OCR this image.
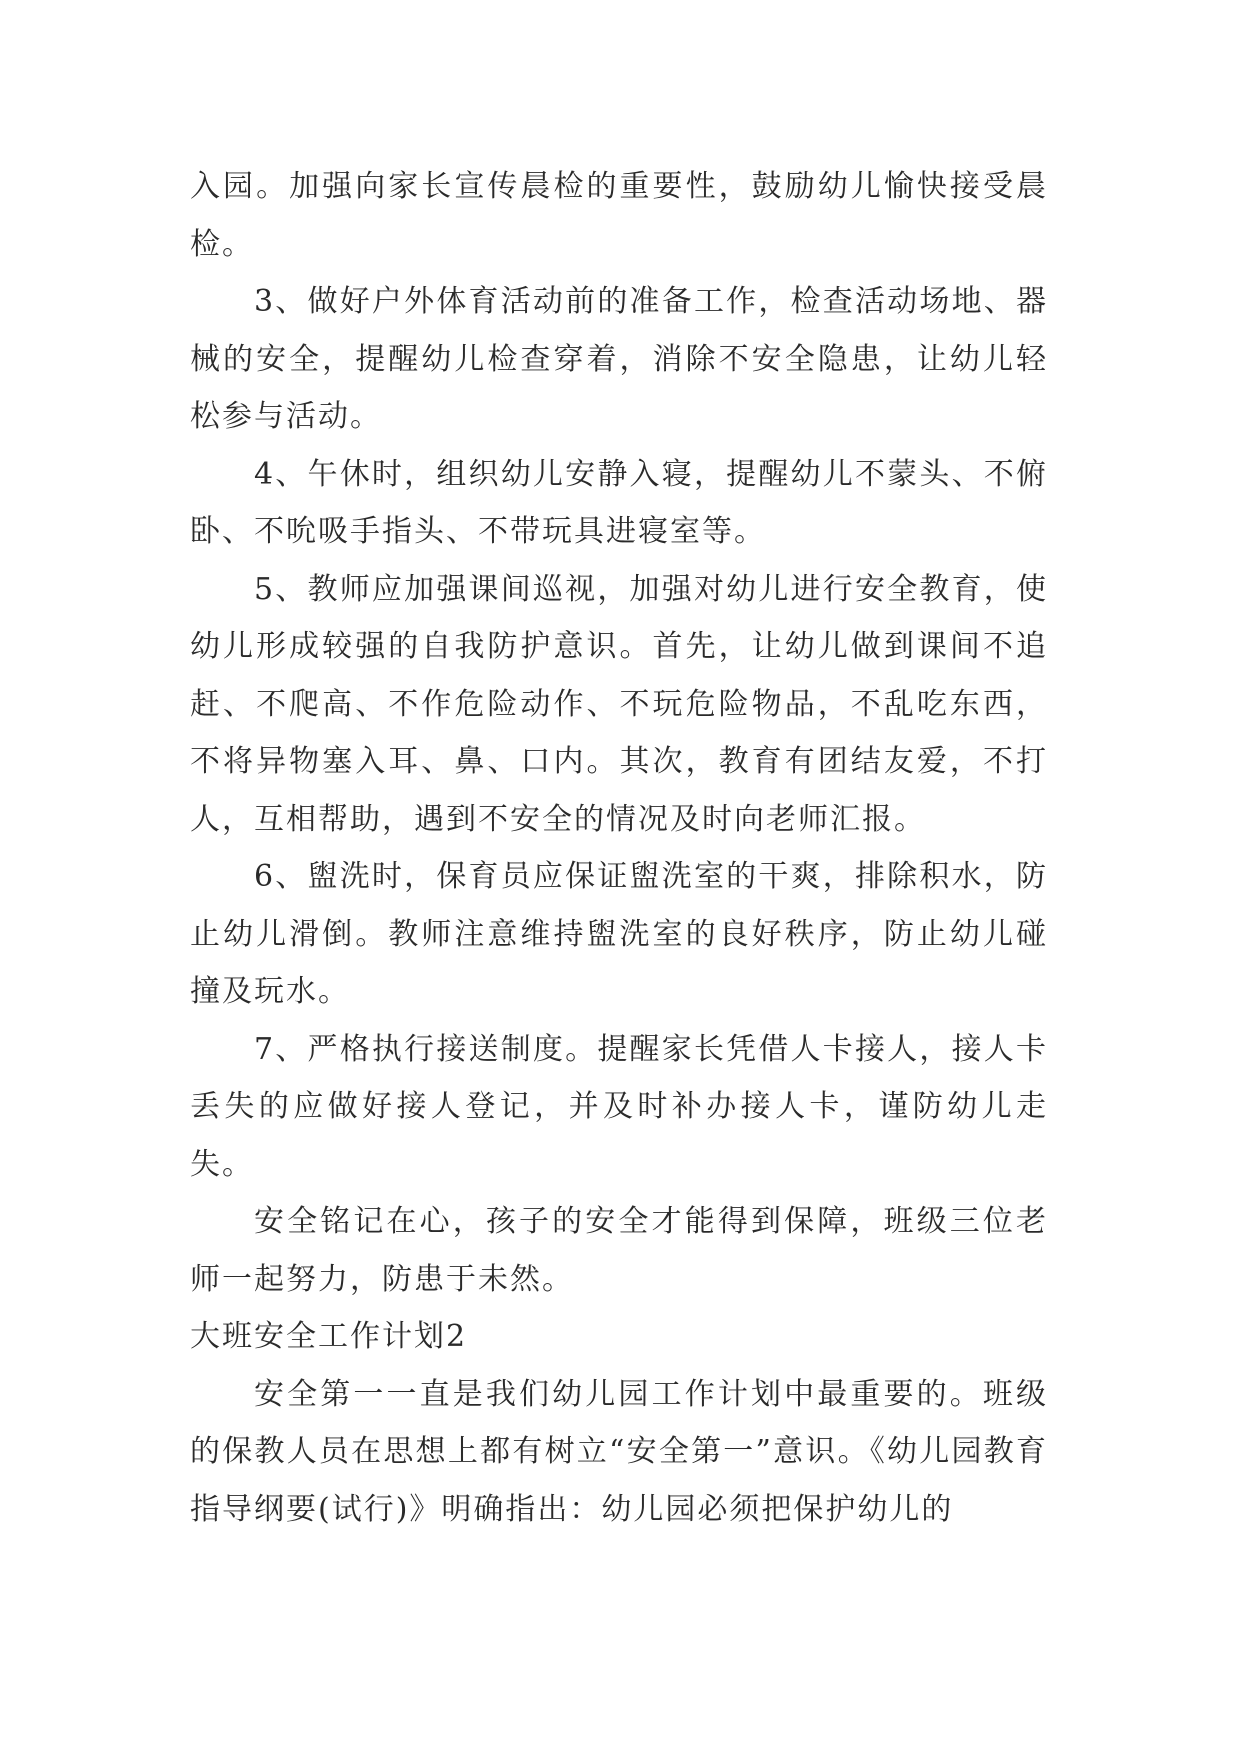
入园。加强向家长宣传晨检的重要性，鼓励幼儿愉快接受晨检。

3、做好户外体育活动前的准备工作，检查活动场地、器械的安全，提醒幼儿检查穿着，消除不安全隐患，让幼儿轻松参与活动。

4、午休时，组织幼儿安静入寝，提醒幼儿不蒙头、不俯卧、不吮吸手指头、不带玩具进寝室等。

5、教师应加强课间巡视，加强对幼儿进行安全教育，使幼儿形成较强的自我防护意识。首先，让幼儿做到课间不追赶、不爬高、不作危险动作、不玩危险物品，不乱吃东西，不将异物塞入耳、鼻、口内。其次，教育有团结友爱，不打人，互相帮助，遇到不安全的情况及时向老师汇报。

6、盥洗时，保育员应保证盥洗室的干爽，排除积水，防止幼儿滑倒。教师注意维持盥洗室的良好秩序，防止幼儿碰撞及玩水。

7、严格执行接送制度。提醒家长凭借人卡接人，接人卡丢失的应做好接人登记，并及时补办接人卡，谨防幼儿走失。

安全铭记在心，孩子的安全才能得到保障，班级三位老师一起努力，防患于未然。

大班安全工作计划2

安全第一一直是我们幼儿园工作计划中最重要的。班级的保教人员在思想上都有树立“安全第一”意识。《幼儿园教育指导纲要(试行)》明确指出：幼儿园必须把保护幼儿的
